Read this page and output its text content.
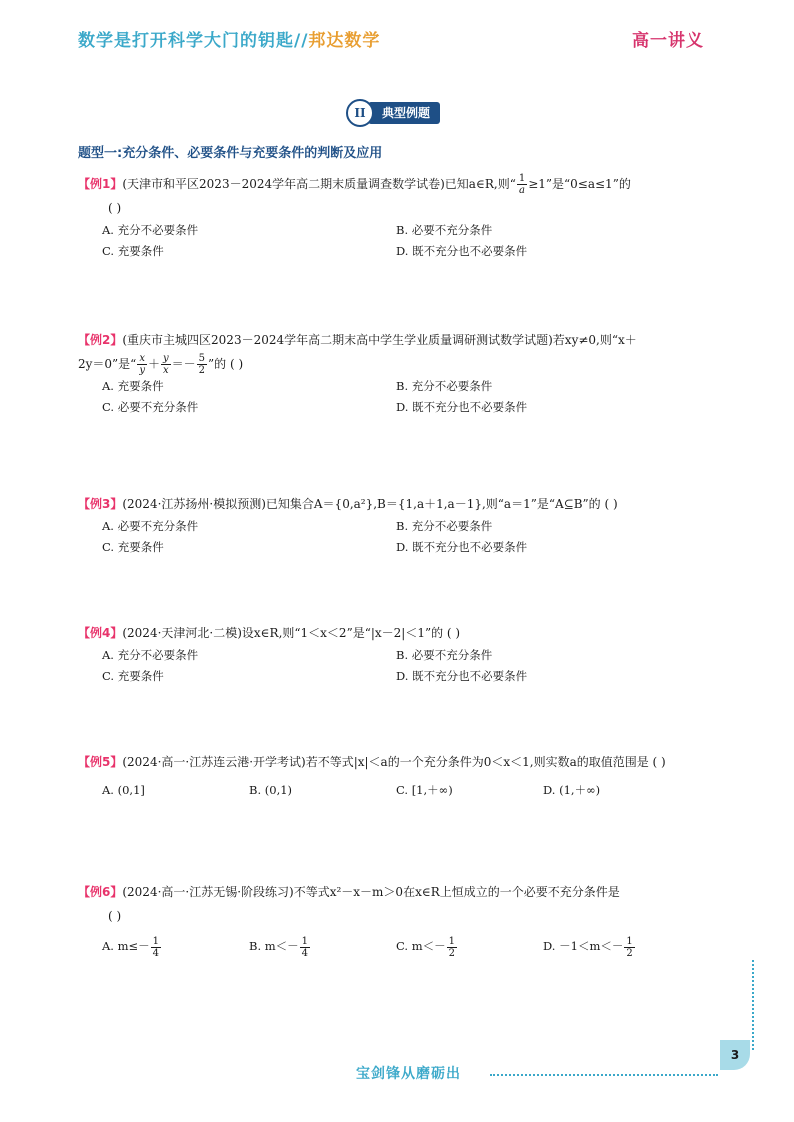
数学是打开科学大门的钥匙//邦达数学	高一讲义
II	典型例题
题型一:充分条件、必要条件与充要条件的判断及应用
【例1】(天津市和平区2023－2024学年高二期末质量调查数学试卷)已知a∈R,则“ $\frac{1}{a} \ge 1$”是“0≤a≤1”的
( )
A. 充分不必要条件	B. 必要不充分条件
C. 充要条件	D. 既不充分也不必要条件
【例2】(重庆市主城四区2023－2024学年高二期末高中学生学业质量调研测试数学试题)若xy≠0,则“x＋
2y＝0”是“ $\frac{x}{y} + \frac{y}{x} =- \frac{5}{2}$ ”的 ( )
A. 充要条件	B. 充分不必要条件
C. 必要不充分条件	D. 既不充分也不必要条件
【例3】(2024·江苏扬州·模拟预测)已知集合A＝{0,a²},B＝{1,a＋1,a－1},则“a＝1”是“A⊆B”的 ( )
A. 必要不充分条件	B. 充分不必要条件
C. 充要条件	D. 既不充分也不必要条件
【例4】(2024·天津河北·二模)设x∈R,则“1＜x＜2”是“|x－2|＜1”的 ( )
A. 充分不必要条件	B. 必要不充分条件
C. 充要条件	D. 既不充分也不必要条件
【例5】(2024·高一·江苏连云港·开学考试)若不等式|x|＜a的一个充分条件为0＜x＜1,则实数a的取值范围是 ( )
A. (0,1]	B. (0,1)	C. [1,＋∞)	D. (1,＋∞)
【例6】(2024·高一·江苏无锡·阶段练习)不等式x²－x－m＞0在x∈R上恒成立的一个必要不充分条件是
( )
A. $m\le- \frac{1}{4}$	B. $m<- \frac{1}{4}$	C. $m<- \frac{1}{2}$	D. $-1<m<- \frac{1}{2}$
3
宝剑锋从磨砺出
